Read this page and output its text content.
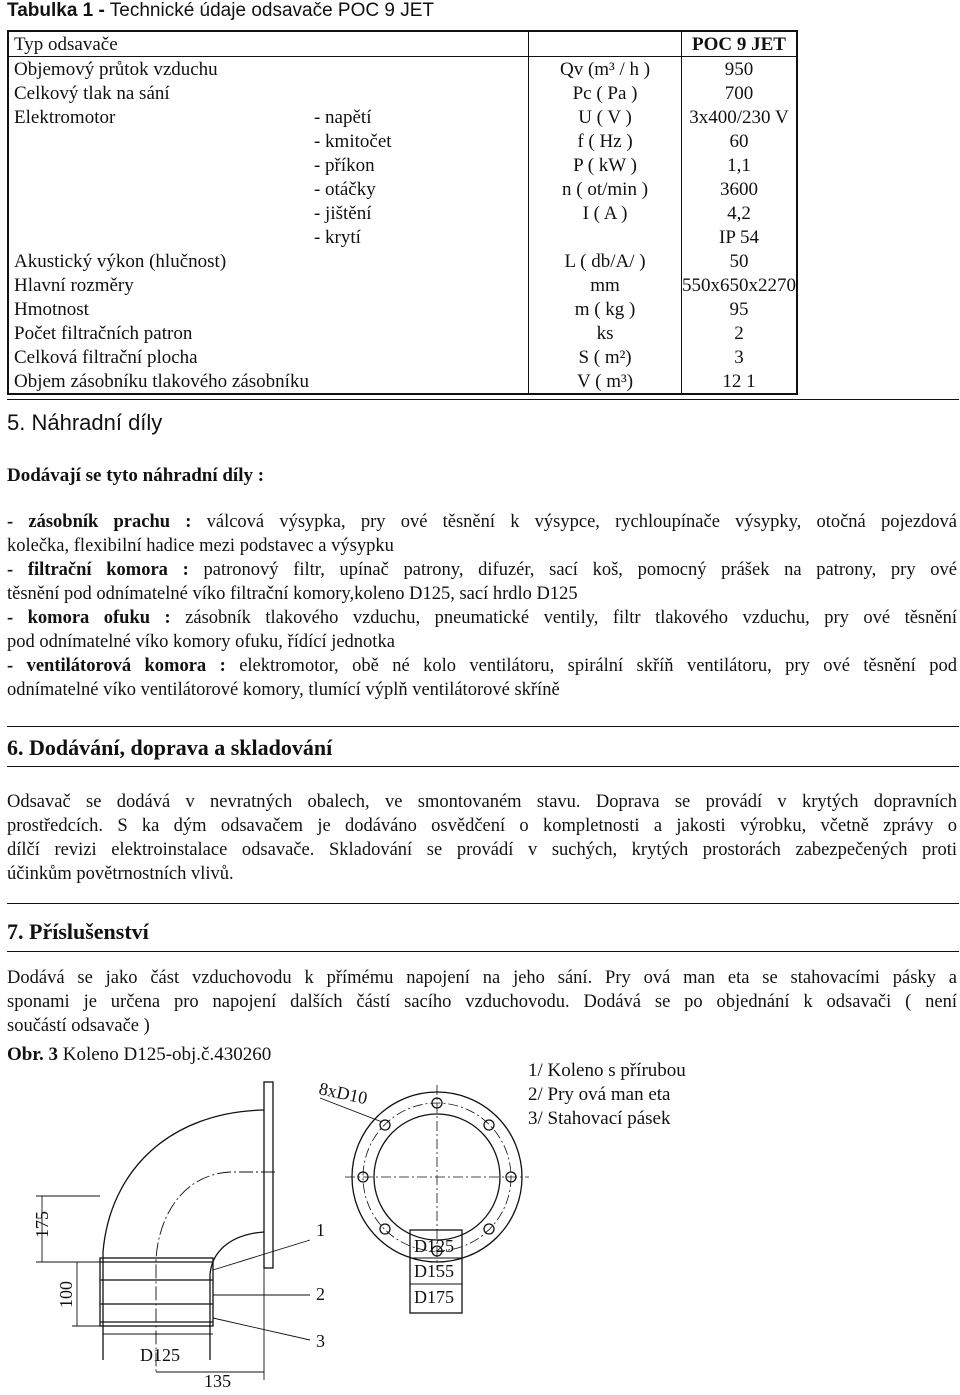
Tabulka 1 - Technické údaje odsavače POC 9 JET
Typ odsavače			POC 9 JET
Objemový průtok vzduchu		Qv (m³ / h )	950
Celkový tlak na sání		Pc ( Pa )	700
Elektromotor	- napětí	U ( V )	3x400/230 V
	- kmitočet	f ( Hz )	60
	- příkon	P ( kW )	1,1
	- otáčky	n ( ot/min )	3600
	- jištění	I ( A )	4,2
	- krytí		IP 54
Akustický výkon (hlučnost)		L ( db/A/ )	50
Hlavní rozměry		mm	550x650x2270
Hmotnost		m ( kg )	95
Počet filtračních patron		ks	2
Celková filtrační plocha		S ( m²)	3
Objem zásobníku tlakového zásobníku		V ( m³)	12 1
5. Náhradní díly
Dodávají se tyto náhradní díly :
- zásobník prachu : válcová výsypka, pry ové těsnění k výsypce, rychloupínače výsypky, otočná pojezdová
kolečka, flexibilní hadice mezi podstavec a výsypku
- filtrační komora : patronový filtr, upínač patrony, difuzér, sací koš, pomocný prášek na patrony, pry ové
těsnění pod odnímatelné víko filtrační komory,koleno D125, sací hrdlo D125
- komora ofuku : zásobník tlakového vzduchu, pneumatické ventily, filtr tlakového vzduchu, pry ové těsnění
pod odnímatelné víko komory ofuku, řídící jednotka
- ventilátorová komora : elektromotor, obě né kolo ventilátoru, spirální skříň ventilátoru, pry ové těsnění pod
odnímatelné víko ventilátorové komory, tlumící výplň ventilátorové skříně
6. Dodávání, doprava a skladování
Odsavač se dodává v nevratných obalech, ve smontovaném stavu. Doprava se provádí v krytých dopravních
prostředcích. S ka dým odsavačem je dodáváno osvědčení o kompletnosti a jakosti výrobku, včetně zprávy o
dílčí revizi elektroinstalace odsavače. Skladování se provádí v suchých, krytých prostorách zabezpečených proti
účinkům povětrnostních vlivů.
7. Příslušenství
Dodává se jako část vzduchovodu k přímému napojení na jeho sání. Pry ová man eta se stahovacími pásky a
sponami je určena pro napojení dalších částí sacího vzduchovodu. Dodává se po objednání k odsavači ( není
součástí odsavače )
Obr. 3 Koleno D125-obj.č.430260
1/ Koleno s přírubou
2/ Pry ová man eta
3/ Stahovací pásek
8xD10
175
100
D125
135
1
2
3
D125
D155
D175
